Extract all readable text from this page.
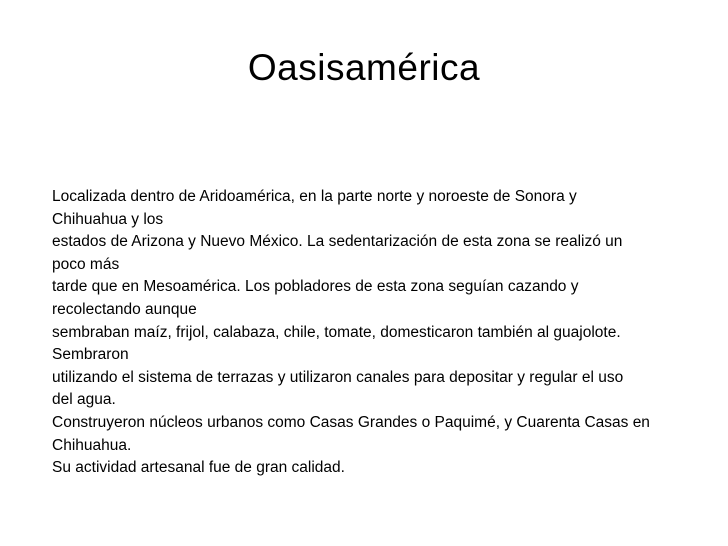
Oasisamérica
Localizada dentro de Aridoamérica, en la parte norte y noroeste de Sonora y
Chihuahua y los
estados de Arizona y Nuevo México. La sedentarización de esta zona se realizó un
poco más
tarde que en Mesoamérica. Los pobladores de esta zona seguían cazando y
recolectando aunque
sembraban maíz, frijol, calabaza, chile, tomate, domesticaron también al guajolote.
Sembraron
utilizando el sistema de terrazas y utilizaron canales para depositar y regular el uso
del agua.
Construyeron núcleos urbanos como Casas Grandes o Paquimé, y Cuarenta Casas en
Chihuahua.
Su actividad artesanal fue de gran calidad.
